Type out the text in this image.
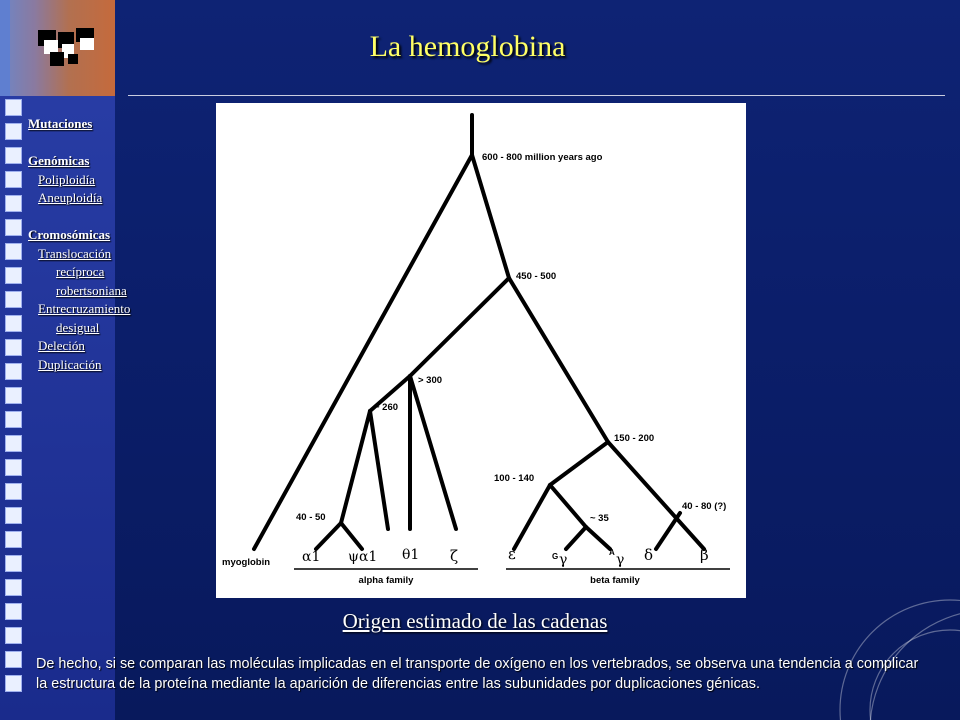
La hemoglobina
Mutaciones
Genómicas
Poliploidía
Aneuploidía
Cromosómicas
Translocación
recíproca
robertsoniana
Entrecruzamiento
desigual
Deleción
Duplicación
600 - 800 million years ago
450 - 500
> 300
~ 260
150 - 200
100 - 140
~ 35
40 - 50
40 - 80 (?)
myoglobin α1 ψα1 θ1 ζ	ε	G γ	A γ δ	β
alpha family	beta family
Origen estimado de las cadenas
De hecho, si se comparan las moléculas implicadas en el transporte de oxígeno en los vertebrados, se observa una tendencia a complicar la estructura de la proteína mediante la aparición de diferencias entre las subunidades por duplicaciones génicas.
